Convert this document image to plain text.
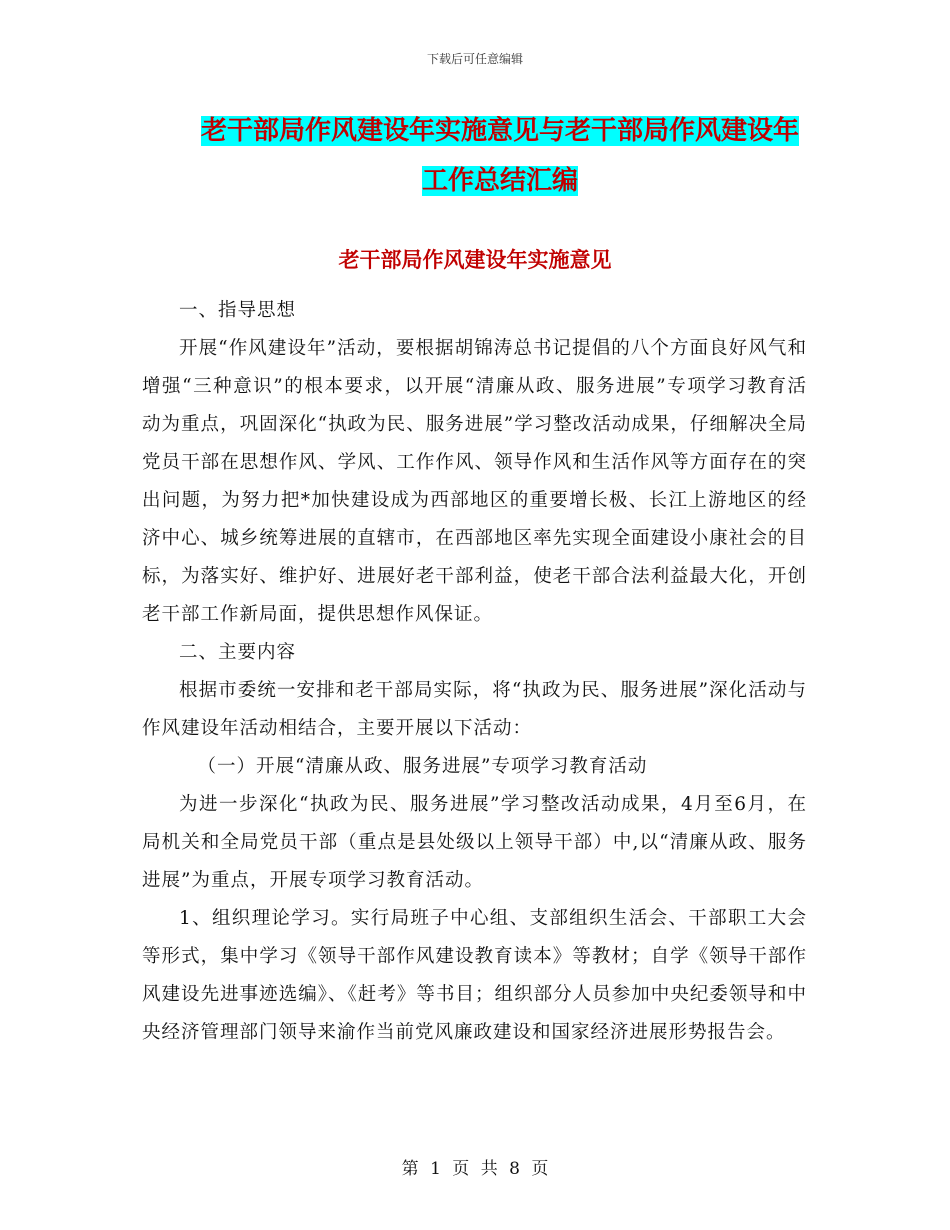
下载后可任意编辑
老干部局作风建设年实施意见与老干部局作风建设年
工作总结汇编
老干部局作风建设年实施意见

一、指导思想

开展“作风建设年”活动，要根据胡锦涛总书记提倡的八个方面良好风气和增强“三种意识”的根本要求，以开展“清廉从政、服务进展”专项学习教育活动为重点，巩固深化“执政为民、服务进展”学习整改活动成果，仔细解决全局党员干部在思想作风、学风、工作作风、领导作风和生活作风等方面存在的突出问题，为努力把*加快建设成为西部地区的重要增长极、长江上游地区的经济中心、城乡统筹进展的直辖市，在西部地区率先实现全面建设小康社会的目标，为落实好、维护好、进展好老干部利益，使老干部合法利益最大化，开创老干部工作新局面，提供思想作风保证。

二、主要内容

根据市委统一安排和老干部局实际，将“执政为民、服务进展”深化活动与作风建设年活动相结合，主要开展以下活动：

（一）开展“清廉从政、服务进展”专项学习教育活动

为进一步深化“执政为民、服务进展”学习整改活动成果，4月至6月，在局机关和全局党员干部（重点是县处级以上领导干部）中,以“清廉从政、服务进展”为重点，开展专项学习教育活动。

1、组织理论学习。实行局班子中心组、支部组织生活会、干部职工大会等形式，集中学习《领导干部作风建设教育读本》等教材；自学《领导干部作风建设先进事迹选编》、《赶考》等书目；组织部分人员参加中央纪委领导和中央经济管理部门领导来渝作当前党风廉政建设和国家经济进展形势报告会。

第 1 页 共 8 页
